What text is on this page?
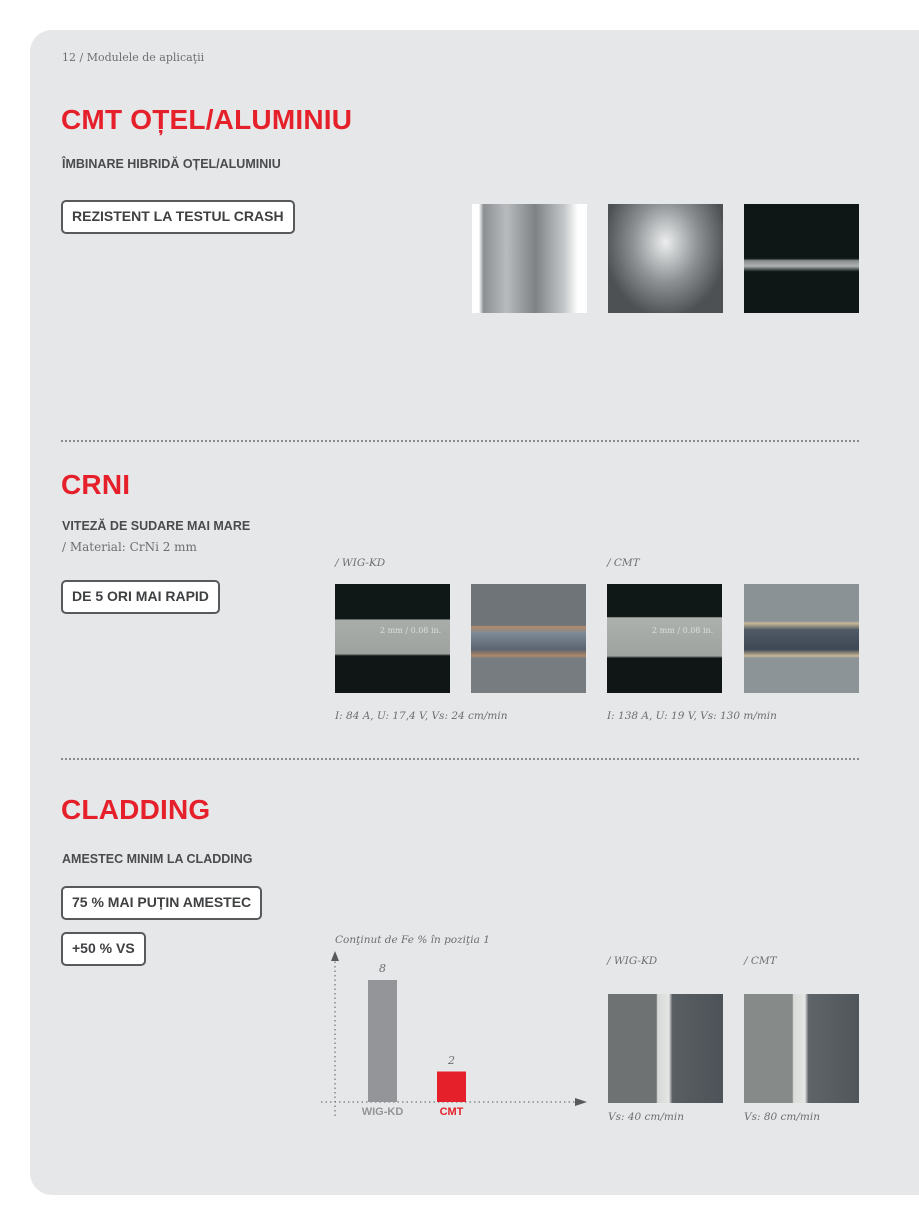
12 / Modulele de aplicaţii
CMT OȚEL/ALUMINIU
ÎMBINARE HIBRIDĂ OȚEL/ALUMINIU
REZISTENT LA TESTUL CRASH
CRNI
VITEZĂ DE SUDARE MAI MARE
/ Material: CrNi 2 mm
DE 5 ORI MAI RAPID
/ WIG-KD	/ CMT
2 mm / 0.08 in.	2 mm / 0.08 in.
I: 84 A, U: 17,4 V, Vs: 24 cm/min	I: 138 A, U: 19 V, Vs: 130 m/min
CLADDING
AMESTEC MINIM LA CLADDING
75 % MAI PUȚIN AMESTEC
+50 % VS	Conţinut de Fe % în poziţia 1
/ WIG-KD	/ CMT
Vs: 40 cm/min	Vs: 80 cm/min
8
WIG-KD
2
CMT
